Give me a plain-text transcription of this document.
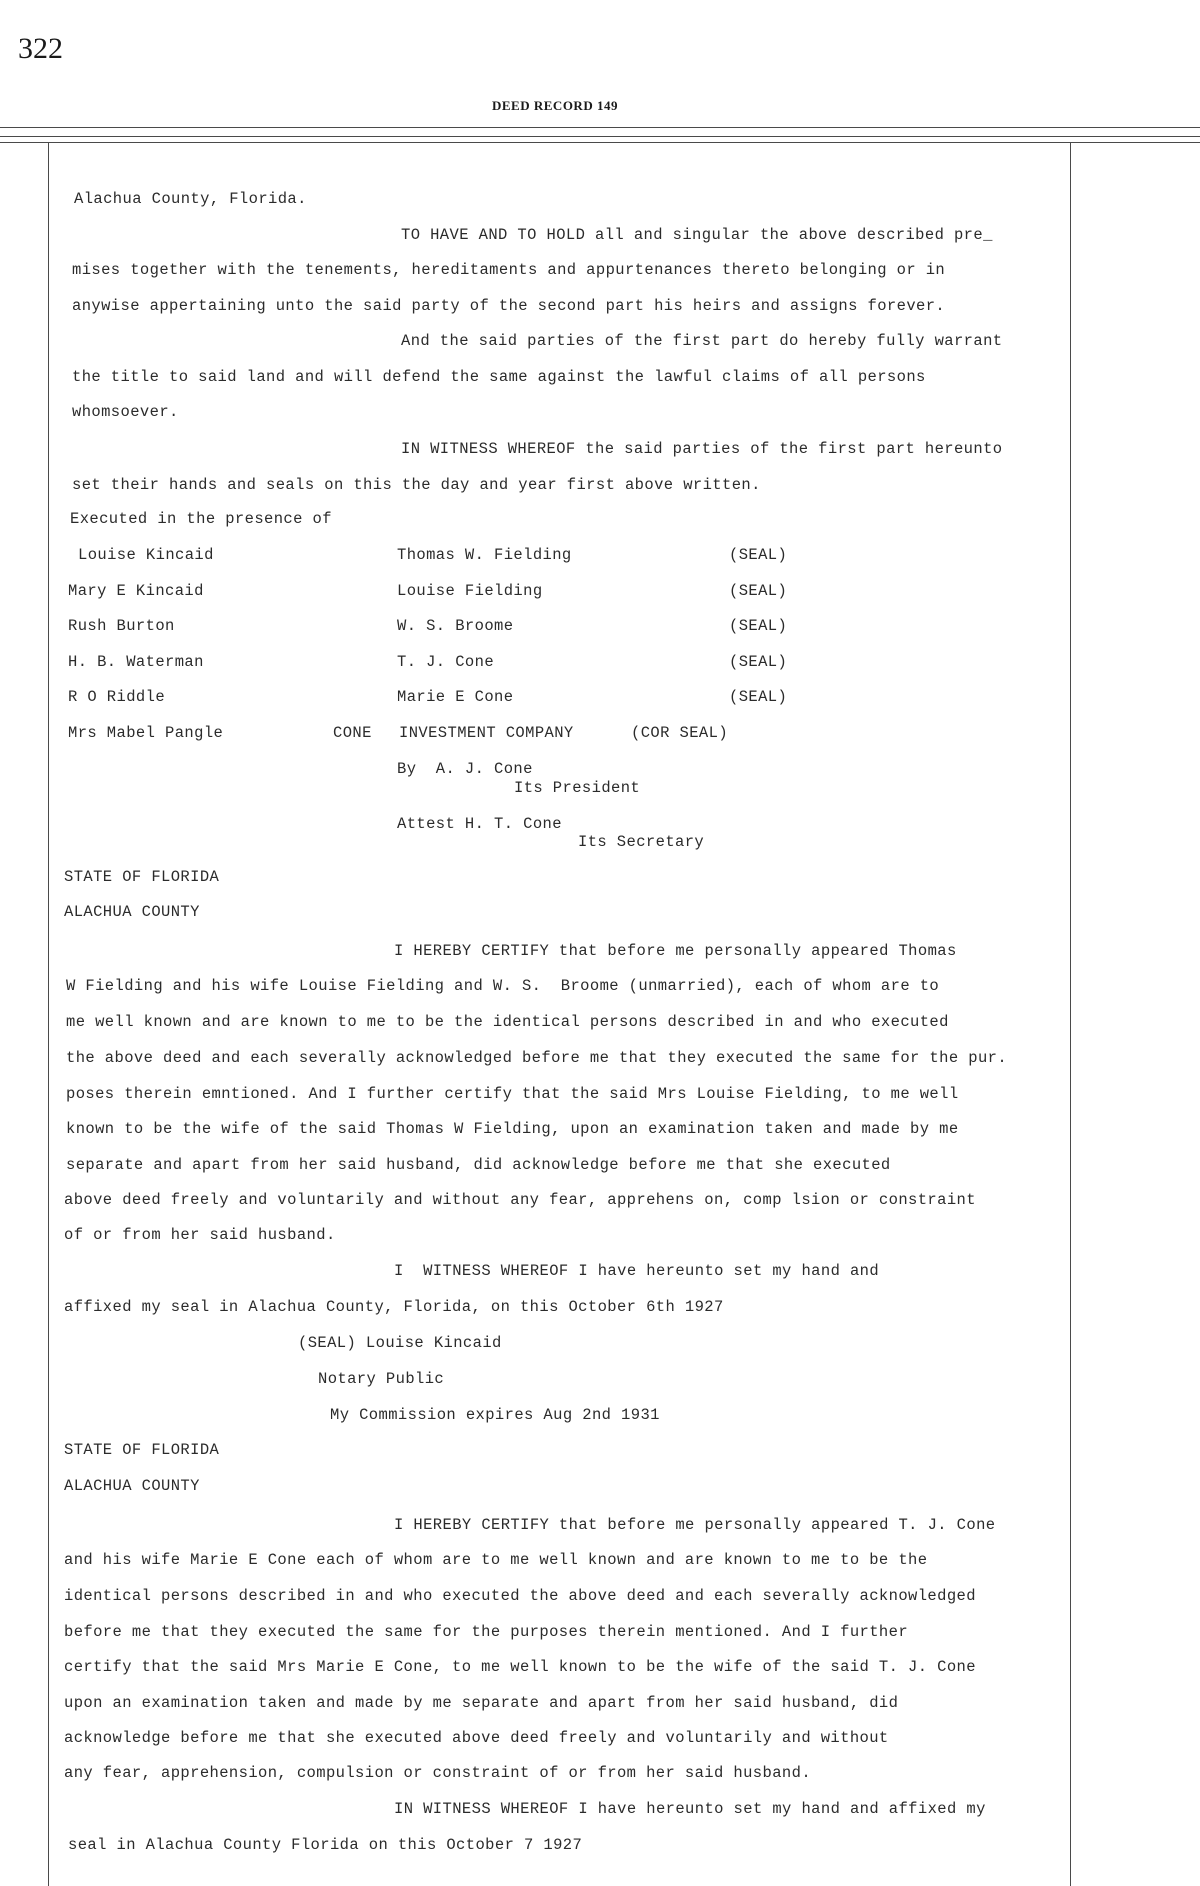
322
DEED RECORD 149
Alachua County, Florida.
TO HAVE AND TO HOLD all and singular the above described pre_
mises together with the tenements, hereditaments and appurtenances thereto belonging or in
anywise appertaining unto the said party of the second part his heirs and assigns forever.
And the said parties of the first part do hereby fully warrant
the title to said land and will defend the same against the lawful claims of all persons
whomsoever.
IN WITNESS WHEREOF the said parties of the first part hereunto
set their hands and seals on this the day and year first above written.
Executed in the presence of
Louise Kincaid	Thomas W. Fielding	(SEAL)
Mary E Kincaid	Louise Fielding	(SEAL)
Rush Burton	W. S. Broome	(SEAL)
H. B. Waterman	T. J. Cone	(SEAL)
R O Riddle	Marie E Cone	(SEAL)
Mrs Mabel Pangle	CONE INVESTMENT COMPANY	(COR SEAL)
By  A. J. Cone
Its President
Attest H. T. Cone
Its Secretary
STATE OF FLORIDA
ALACHUA COUNTY
I HEREBY CERTIFY that before me personally appeared Thomas
W Fielding and his wife Louise Fielding and W. S.  Broome (unmarried), each of whom are to
me well known and are known to me to be the identical persons described in and who executed
the above deed and each severally acknowledged before me that they executed the same for the pur.
poses therein emntioned. And I further certify that the said Mrs Louise Fielding, to me well
known to be the wife of the said Thomas W Fielding, upon an examination taken and made by me
separate and apart from her said husband, did acknowledge before me that she executed
above deed freely and voluntarily and without any fear, apprehens on, comp lsion or constraint
of or from her said husband.
I  WITNESS WHEREOF I have hereunto set my hand and
affixed my seal in Alachua County, Florida, on this October 6th 1927
(SEAL) Louise Kincaid
Notary Public
My Commission expires Aug 2nd 1931
STATE OF FLORIDA
ALACHUA COUNTY
I HEREBY CERTIFY that before me personally appeared T. J. Cone
and his wife Marie E Cone each of whom are to me well known and are known to me to be the
identical persons described in and who executed the above deed and each severally acknowledged
before me that they executed the same for the purposes therein mentioned. And I further
certify that the said Mrs Marie E Cone, to me well known to be the wife of the said T. J. Cone
upon an examination taken and made by me separate and apart from her said husband, did
acknowledge before me that she executed above deed freely and voluntarily and without
any fear, apprehension, compulsion or constraint of or from her said husband.
IN WITNESS WHEREOF I have hereunto set my hand and affixed my
seal in Alachua County Florida on this October 7 1927
